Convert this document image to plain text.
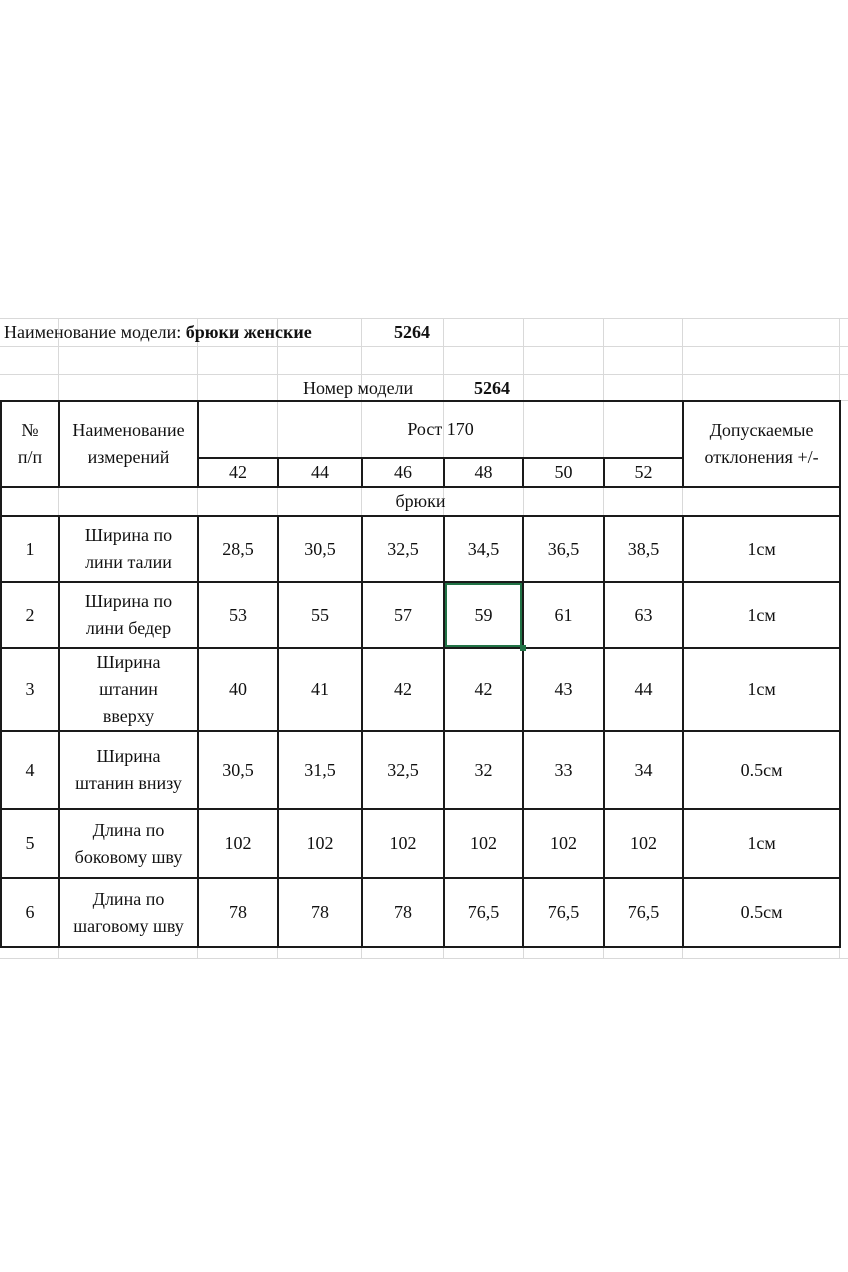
Наименование модели: брюки женские	5264
Номер модели	5264
№
п/п	Наименование
измерений	Рост 170						Допускаемые
отклонения +/-
		42	44	46	48	50	52	
брюки								
1	Ширина по
лини талии	28,5	30,5	32,5	34,5	36,5	38,5	1см
2	Ширина по
лини бедер	53	55	57	59	61	63	1см
3	Ширина
штанин
вверху	40	41	42	42	43	44	1см
4	Ширина
штанин внизу	30,5	31,5	32,5	32	33	34	0.5см
5	Длина по
боковому шву	102	102	102	102	102	102	1см
6	Длина по
шаговому шву	78	78	78	76,5	76,5	76,5	0.5см
